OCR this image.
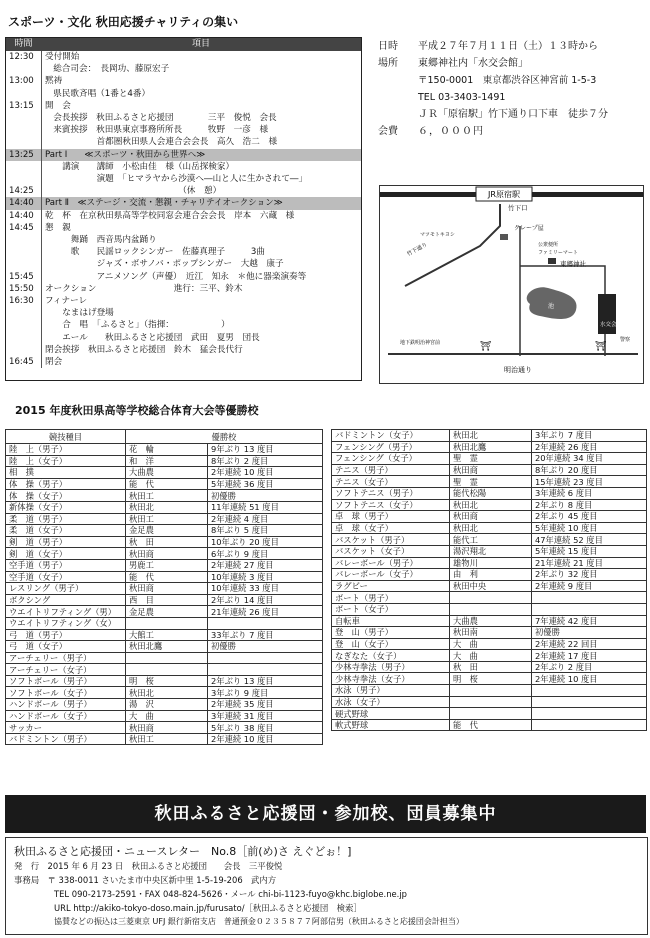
スポーツ・文化 秋田応援チャリティの集い
時間	項目
12:30	受付開始
総合司会：　長岡功、藤原宏子
13:00	黙祷
県民歌斉唱（1番と4番）
13:15	開　会
会長挨拶　秋田ふるさと応援団　　　　三平　俊悦　会長
来賓挨拶　秋田県東京事務所所長　　　牧野　一彦　様
　　　　　　首都圏秋田県人会連合会会長　高久　浩二　様
13:25	Part Ⅰ　　≪スポーツ・秋田から世界へ≫
　　講演　　講師　小松由佳　様（山岳探検家）
　　　　　　演題　「ヒマラヤから沙漠へ―山と人に生かされて―」
14:25	　　　　　　　　　　　　　　　　（休　憩）
14:40	Part Ⅱ　≪ステージ・交流・懇親・チャリテイオークション≫
14:40	乾　杯　在京秋田県高等学校同窓会連合会会長　岸本　六蔵　様
14:45	懇　親
　　　舞踊　西音馬内盆踊り
　　　歌　　民謡ロックシンガー　佐藤真理子　　　3曲
　　　　　　ジャズ・ボサノバ・ポップシンガー　大越　康子
15:45	　　　　　　アニメソング（声優）　近江　知永　＊他に器楽演奏等
15:50	オークション　　　　　　　　　進行：三平、鈴木
16:30	フィナーレ
　　なまはげ登場
　　合　唱　「ふるさと」（指揮：　　　　　　）
　　エール　　秋田ふるさと応援団　武田　夏男　団長
閉会挨拶　秋田ふるさと応援団　鈴木　猛会長代行
16:45	閉会
日時 平成２７年７月１１日（土）１３時から
場所 東郷神社内「水交会館」
〒150-0001　東京都渋谷区神宮前 1-5-3
TEL 03-3403-1491
ＪＲ「原宿駅」竹下通り口下車　徒歩７分
会費 ６，０００円
JR原宿駅
竹下口
竹下通り
クレープ屋
マツモトキヨシ
公衆便所
ファミリーマート
東郷神社
池
水交会
明治通り
⛩	⛩
地下鉄明治神宮前	警察
2015 年度秋田県高等学校総合体育大会等優勝校
競技種目	優勝校	
陸　上（男子）	花　輪	9年ぶり 13 度目
陸　上（女子）	和　洋	8年ぶり 2 度目
相　撲	大曲農	2年連続 10 度目
体　操（男子）	能　代	5年連続 36 度目
体　操（女子）	秋田工	初優勝
新体操（女子）	秋田北	11年連続 51 度目
柔　道（男子）	秋田工	2年連続 4 度目
柔　道（女子）	金足農	8年ぶり 5 度目
剣　道（男子）	秋　田	10年ぶり 20 度目
剣　道（女子）	秋田商	6年ぶり 9 度目
空手道（男子）	男鹿工	2年連続 27 度目
空手道（女子）	能　代	10年連続 3 度目
レスリング（男子）	秋田商	10年連続 33 度目
ボクシング	西　目	2年ぶり 14 度目
ウエイトリフティング（男）	金足農	21年連続 26 度目
ウエイトリフティング（女）		
弓　道（男子）	大館工	33年ぶり 7 度目
弓　道（女子）	秋田北鷹	初優勝
アーチェリー（男子）		
アーチェリー（女子）		
ソフトボール（男子）	明　桜	2年ぶり 13 度目
ソフトボール（女子）	秋田北	3年ぶり 9 度目
ハンドボール（男子）	湯　沢	2年連続 35 度目
ハンドボール（女子）	大　曲	3年連続 31 度目
サッカー	秋田商	5年ぶり 38 度目
バドミントン（男子）	秋田工	2年連続 10 度目
バドミントン（女子）	秋田北	3年ぶり 7 度目
フェンシング（男子）	秋田北鷹	2年連続 26 度目
フェンシング（女子）	聖　霊	20年連続 34 度目
テニス（男子）	秋田商	8年ぶり 20 度目
テニス（女子）	聖　霊	15年連続 23 度目
ソフトテニス（男子）	能代松陽	3年連続 6 度目
ソフトテニス（女子）	秋田北	2年ぶり 8 度目
卓　球（男子）	秋田商	2年ぶり 45 度目
卓　球（女子）	秋田北	5年連続 10 度目
バスケット（男子）	能代工	47年連続 52 度目
バスケット（女子）	湯沢翔北	5年連続 15 度目
バレーボール（男子）	雄物川	21年連続 21 度目
バレーボール（女子）	由　利	2年ぶり 32 度目
ラグビー	秋田中央	2年連続 9 度目
ボート（男子）		
ボート（女子）		
自転車	大曲農	7年連続 42 度目
登　山（男子）	秋田南	初優勝
登　山（女子）	大　曲	2年連続 22 回目
なぎなた（女子）	大　曲	2年連続 17 度目
少林寺拳法（男子）	秋　田	2年ぶり 2 度目
少林寺拳法（女子）	明　桜	2年連続 10 度目
水泳（男子）		
水泳（女子）		
硬式野球		
軟式野球	能　代	
秋田ふるさと応援団・参加校、団員募集中
秋田ふるさと応援団・ニュースレター　No.8［前(め)さ えぐどぉ！]
発　行　2015 年 6 月 23 日　秋田ふるさと応援団　　会長　三平俊悦
事務局　〒 338-0011 さいたま市中央区新中里 1-5-19-206　武内方
TEL 090-2173-2591・FAX 048-824-5626・メール chi-bi-1123-fuyo@khc.biglobe.ne.jp
URL http://akiko-tokyo-doso.main.jp/furusato/［秋田ふるさと応援団　検索］
協賛などの振込は三菱東京 UFJ 銀行新宿支店　普通預金０２３５８７７阿部信男（秋田ふるさと応援団会計担当）
